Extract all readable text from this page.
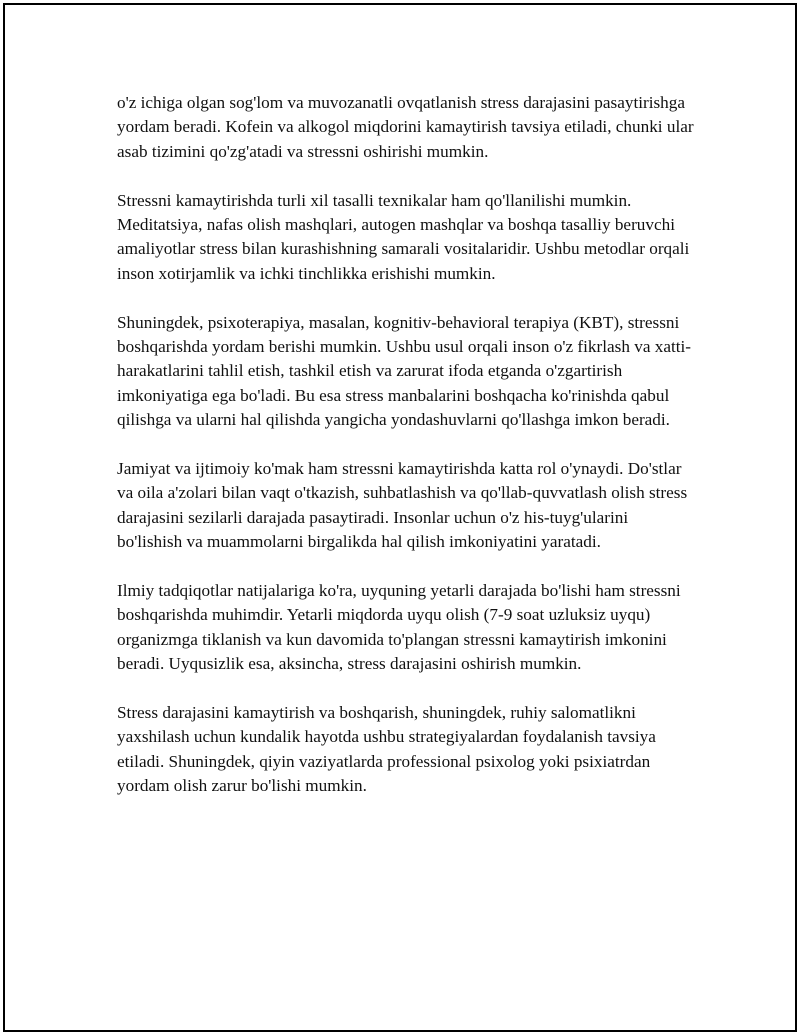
o'z ichiga olgan sog'lom va muvozanatli ovqatlanish stress darajasini pasaytirishga yordam beradi. Kofein va alkogol miqdorini kamaytirish tavsiya etiladi, chunki ular asab tizimini qo'zg'atadi va stressni oshirishi mumkin.

Stressni kamaytirishda turli xil tasalli texnikalar ham qo'llanilishi mumkin. Meditatsiya, nafas olish mashqlari, autogen mashqlar va boshqa tasalliy beruvchi amaliyotlar stress bilan kurashishning samarali vositalaridir. Ushbu metodlar orqali inson xotirjamlik va ichki tinchlikka erishishi mumkin.

Shuningdek, psixoterapiya, masalan, kognitiv-behavioral terapiya (KBT), stressni boshqarishda yordam berishi mumkin. Ushbu usul orqali inson o'z fikrlash va xatti-harakatlarini tahlil etish, tashkil etish va zarurat ifoda etganda o'zgartirish imkoniyatiga ega bo'ladi. Bu esa stress manbalarini boshqacha ko'rinishda qabul qilishga va ularni hal qilishda yangicha yondashuvlarni qo'llashga imkon beradi.

Jamiyat va ijtimoiy ko'mak ham stressni kamaytirishda katta rol o'ynaydi. Do'stlar va oila a'zolari bilan vaqt o'tkazish, suhbatlashish va qo'llab-quvvatlash olish stress darajasini sezilarli darajada pasaytiradi. Insonlar uchun o'z his-tuyg'ularini bo'lishish va muammolarni birgalikda hal qilish imkoniyatini yaratadi.

Ilmiy tadqiqotlar natijalariga ko'ra, uyquning yetarli darajada bo'lishi ham stressni boshqarishda muhimdir. Yetarli miqdorda uyqu olish (7-9 soat uzluksiz uyqu) organizmga tiklanish va kun davomida to'plangan stressni kamaytirish imkonini beradi. Uyqusizlik esa, aksincha, stress darajasini oshirish mumkin.

Stress darajasini kamaytirish va boshqarish, shuningdek, ruhiy salomatlikni yaxshilash uchun kundalik hayotda ushbu strategiyalardan foydalanish tavsiya etiladi. Shuningdek, qiyin vaziyatlarda professional psixolog yoki psixiatrdan yordam olish zarur bo'lishi mumkin.
